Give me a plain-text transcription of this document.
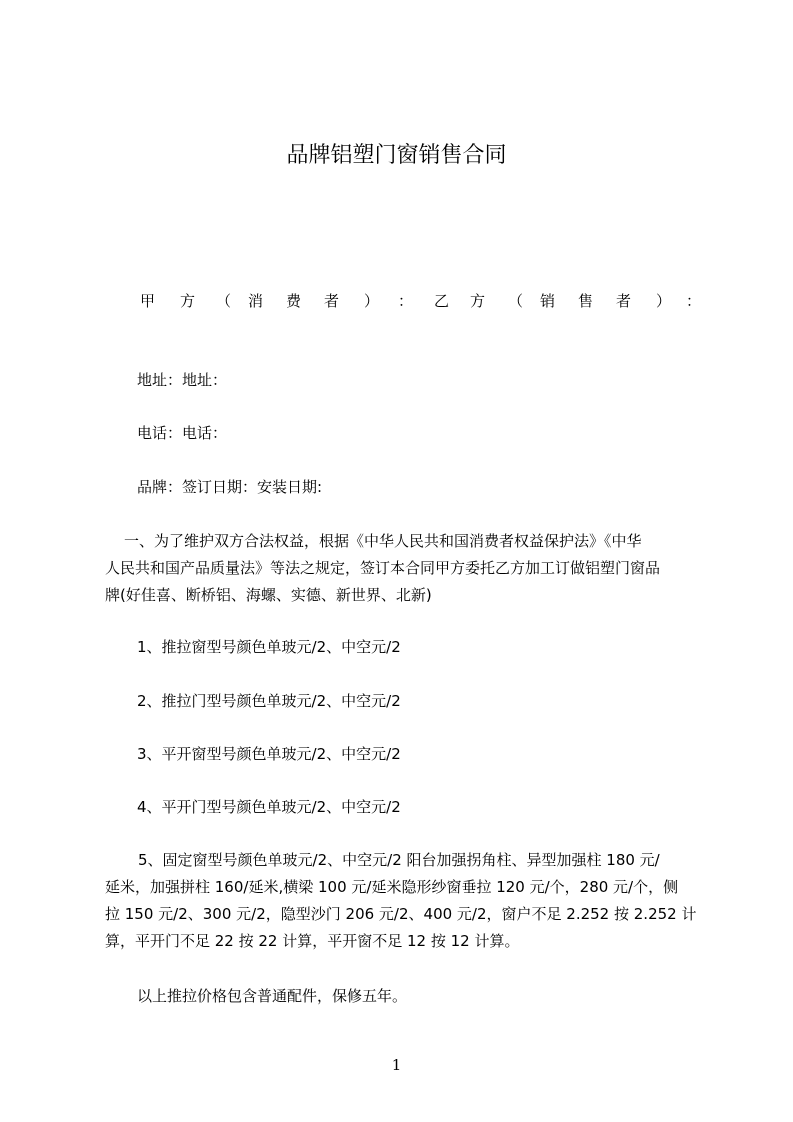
品牌铝塑门窗销售合同
甲 方 （ 消 费 者 ） ： 乙 方 （ 销 售 者 ） ：
地址：地址：
电话：电话：
品牌：签订日期：安装日期:
一、为了维护双方合法权益，根据《中华人民共和国消费者权益保护法》《中华
人民共和国产品质量法》等法之规定，签订本合同甲方委托乙方加工订做铝塑门窗品
牌(好佳喜、断桥铝、海螺、实德、新世界、北新)
1、推拉窗型号颜色单玻元/2、中空元/2
2、推拉门型号颜色单玻元/2、中空元/2
3、平开窗型号颜色单玻元/2、中空元/2
4、平开门型号颜色单玻元/2、中空元/2
5、固定窗型号颜色单玻元/2、中空元/2 阳台加强拐角柱、异型加强柱 180 元/
延米，加强拼柱 160/延米,横梁 100 元/延米隐形纱窗垂拉 120 元/个，280 元/个，侧
拉 150 元/2、300 元/2，隐型沙门 206 元/2、400 元/2，窗户不足 2.252 按 2.252 计
算，平开门不足 22 按 22 计算，平开窗不足 12 按 12 计算。
以上推拉价格包含普通配件，保修五年。
1
